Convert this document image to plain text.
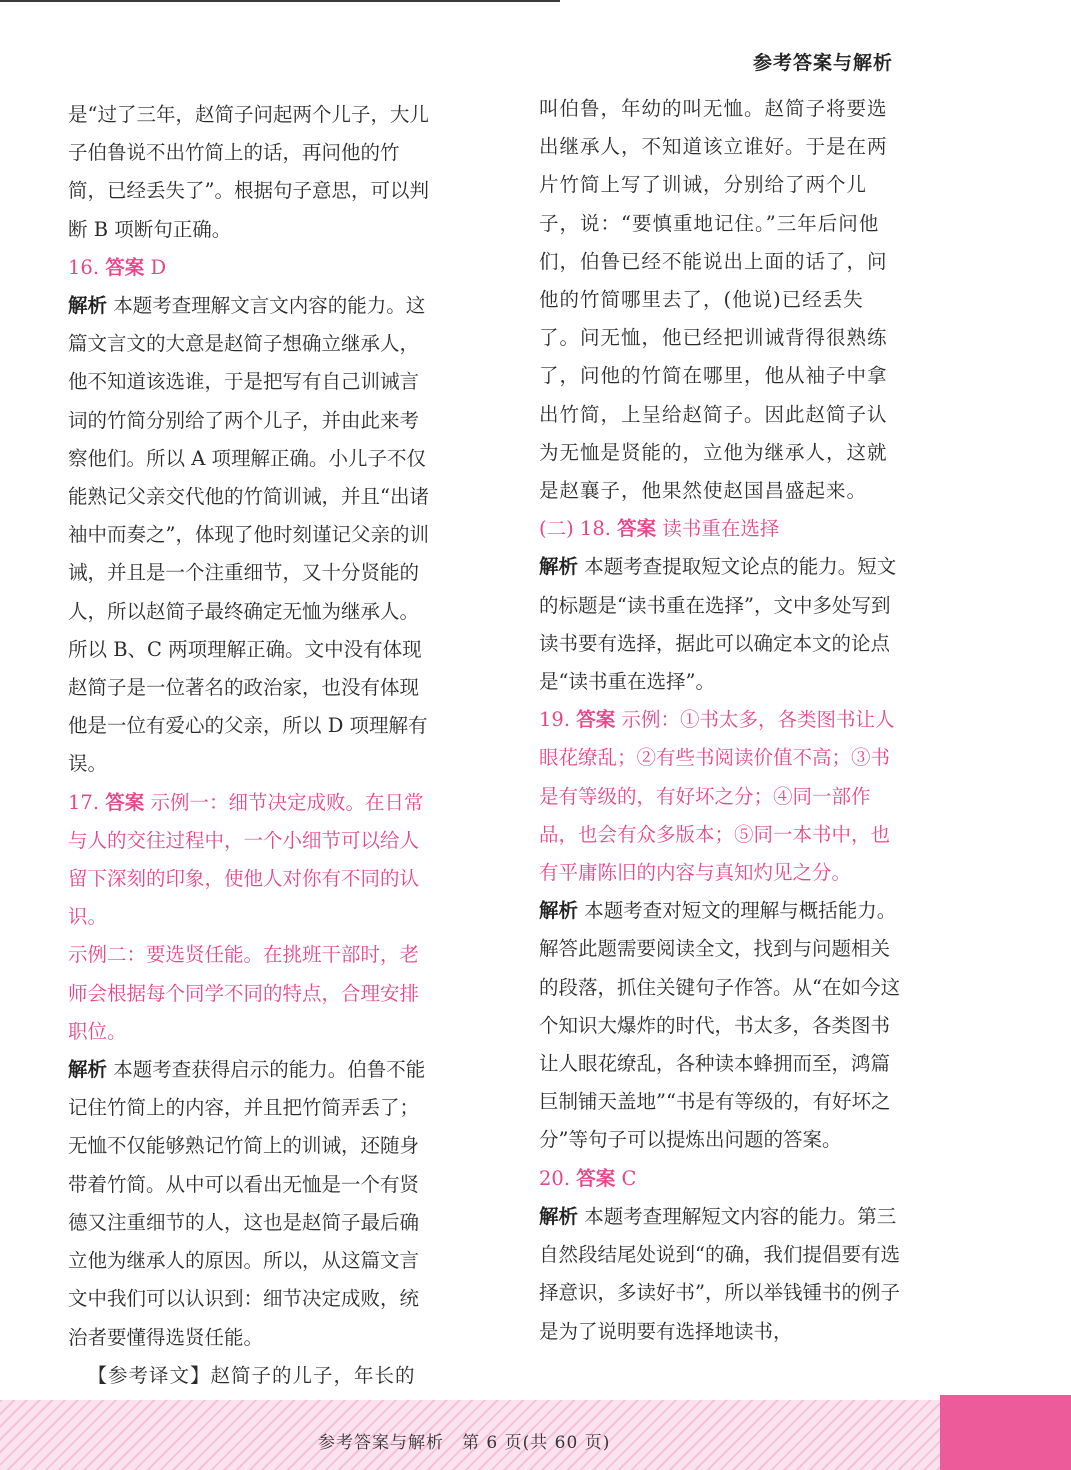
参考答案与解析

是“过了三年，赵简子问起两个儿子，大儿子伯鲁说不出竹简上的话，再问他的竹简，已经丢失了”。根据句子意思，可以判断 B 项断句正确。

16. 答案 D

解析 本题考查理解文言文内容的能力。这篇文言文的大意是赵简子想确立继承人，他不知道该选谁，于是把写有自己训诫言词的竹简分别给了两个儿子，并由此来考察他们。所以 A 项理解正确。小儿子不仅能熟记父亲交代他的竹简训诫，并且“出诸袖中而奏之”，体现了他时刻谨记父亲的训诫，并且是一个注重细节，又十分贤能的人，所以赵简子最终确定无恤为继承人。所以 B、C 两项理解正确。文中没有体现赵简子是一位著名的政治家，也没有体现他是一位有爱心的父亲，所以 D 项理解有误。

17. 答案 示例一：细节决定成败。在日常与人的交往过程中，一个小细节可以给人留下深刻的印象，使他人对你有不同的认识。

示例二：要选贤任能。在挑班干部时，老师会根据每个同学不同的特点，合理安排职位。

解析 本题考查获得启示的能力。伯鲁不能记住竹简上的内容，并且把竹简弄丢了；无恤不仅能够熟记竹简上的训诫，还随身带着竹简。从中可以看出无恤是一个有贤德又注重细节的人，这也是赵简子最后确立他为继承人的原因。所以，从这篇文言文中我们可以认识到：细节决定成败，统治者要懂得选贤任能。

【参考译文】赵简子的儿子，年长的

叫伯鲁，年幼的叫无恤。赵简子将要选出继承人，不知道该立谁好。于是在两片竹简上写了训诫，分别给了两个儿子，说：“要慎重地记住。”三年后问他们，伯鲁已经不能说出上面的话了，问他的竹简哪里去了，(他说)已经丢失了。问无恤，他已经把训诫背得很熟练了，问他的竹简在哪里，他从袖子中拿出竹简，上呈给赵简子。因此赵简子认为无恤是贤能的，立他为继承人，这就是赵襄子，他果然使赵国昌盛起来。

(二) 18. 答案 读书重在选择

解析 本题考查提取短文论点的能力。短文的标题是“读书重在选择”，文中多处写到读书要有选择，据此可以确定本文的论点是“读书重在选择”。

19. 答案 示例：①书太多，各类图书让人眼花缭乱；②有些书阅读价值不高；③书是有等级的，有好坏之分；④同一部作品，也会有众多版本；⑤同一本书中，也有平庸陈旧的内容与真知灼见之分。

解析 本题考查对短文的理解与概括能力。解答此题需要阅读全文，找到与问题相关的段落，抓住关键句子作答。从“在如今这个知识大爆炸的时代，书太多，各类图书让人眼花缭乱，各种读本蜂拥而至，鸿篇巨制铺天盖地”“书是有等级的，有好坏之分”等句子可以提炼出问题的答案。

20. 答案 C

解析 本题考查理解短文内容的能力。第三自然段结尾处说到“的确，我们提倡要有选择意识，多读好书”，所以举钱锺书的例子是为了说明要有选择地读书，

参考答案与解析　第 6 页(共 60 页)
